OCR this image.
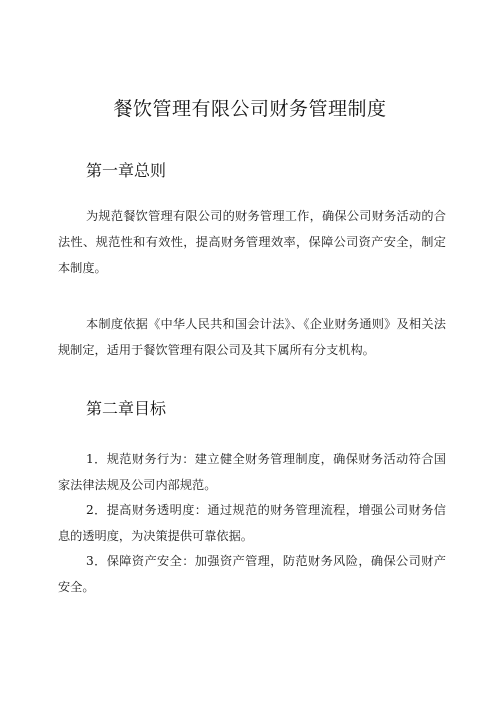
餐饮管理有限公司财务管理制度
第一章总则

为规范餐饮管理有限公司的财务管理工作，确保公司财务活动的合法性、规范性和有效性，提高财务管理效率，保障公司资产安全，制定本制度。

本制度依据《中华人民共和国会计法》、《企业财务通则》及相关法规制定，适用于餐饮管理有限公司及其下属所有分支机构。

第二章目标

1．规范财务行为：建立健全财务管理制度，确保财务活动符合国家法律法规及公司内部规范。

2．提高财务透明度：通过规范的财务管理流程，增强公司财务信息的透明度，为决策提供可靠依据。

3．保障资产安全：加强资产管理，防范财务风险，确保公司财产安全。
